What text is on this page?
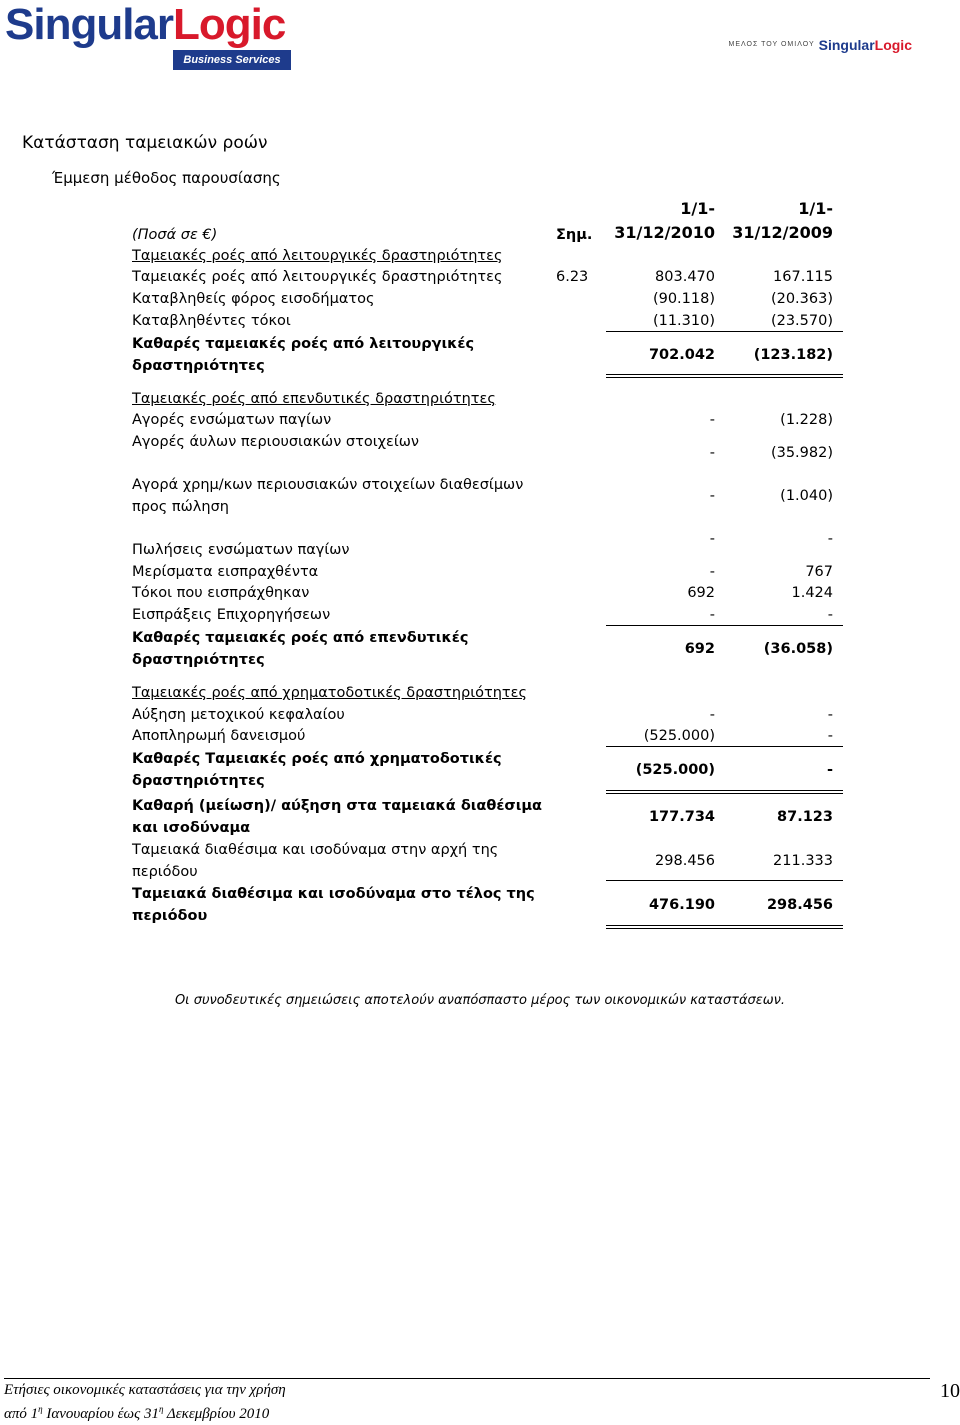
SingularLogic
Business Services
ΜΕΛΟΣ ΤΟΥ ΟΜΙΛΟΥ SingularLogic
Κατάσταση ταμειακών ροών
Έμμεση μέθοδος παρουσίασης
1/1-	1/1-
(Ποσά σε €)	Σημ. 31/12/2010 31/12/2009
Ταμειακές ροές από λειτουργικές δραστηριότητες
Ταμειακές ροές από λειτουργικές δραστηριότητες	6.23	803.470	167.115
Καταβληθείς φόρος εισοδήματος	(90.118)	(20.363)
Καταβληθέντες τόκοι	(11.310)	(23.570)
Καθαρές ταμειακές ροές από λειτουργικές
δραστηριότητες
702.042	(123.182)
Ταμειακές ροές από επενδυτικές δραστηριότητες
Αγορές ενσώματων παγίων	-	(1.228)
Αγορές άυλων περιουσιακών στοιχείων
-	(35.982)
Αγορά χρημ/κων περιουσιακών στοιχείων διαθεσίμων
προς πώληση
-	(1.040)
Πωλήσεις ενσώματων παγίων
-	-
Μερίσματα εισπραχθέντα	-	767
Τόκοι που εισπράχθηκαν	692	1.424
Εισπράξεις Επιχορηγήσεων	-	-
Καθαρές ταμειακές ροές από επενδυτικές
δραστηριότητες
692	(36.058)
Ταμειακές ροές από χρηματοδοτικές δραστηριότητες
Αύξηση μετοχικού κεφαλαίου	-	-
Αποπληρωμή δανεισμού	(525.000)	-
Καθαρές Ταμειακές ροές από χρηματοδοτικές
δραστηριότητες
(525.000)	-
Καθαρή (μείωση)/ αύξηση στα ταμειακά διαθέσιμα
και ισοδύναμα
177.734	87.123
Ταμειακά διαθέσιμα και ισοδύναμα στην αρχή της
περιόδου
298.456	211.333
Ταμειακά διαθέσιμα και ισοδύναμα στο τέλος της
περιόδου
476.190	298.456
Οι συνοδευτικές σημειώσεις αποτελούν αναπόσπαστο μέρος των οικονομικών καταστάσεων.
Ετήσιες οικονομικές καταστάσεις για την χρήση
από $1^\eta$ Ιανουαρίου έως $31^\eta$ Δεκεμβρίου 2010
10
